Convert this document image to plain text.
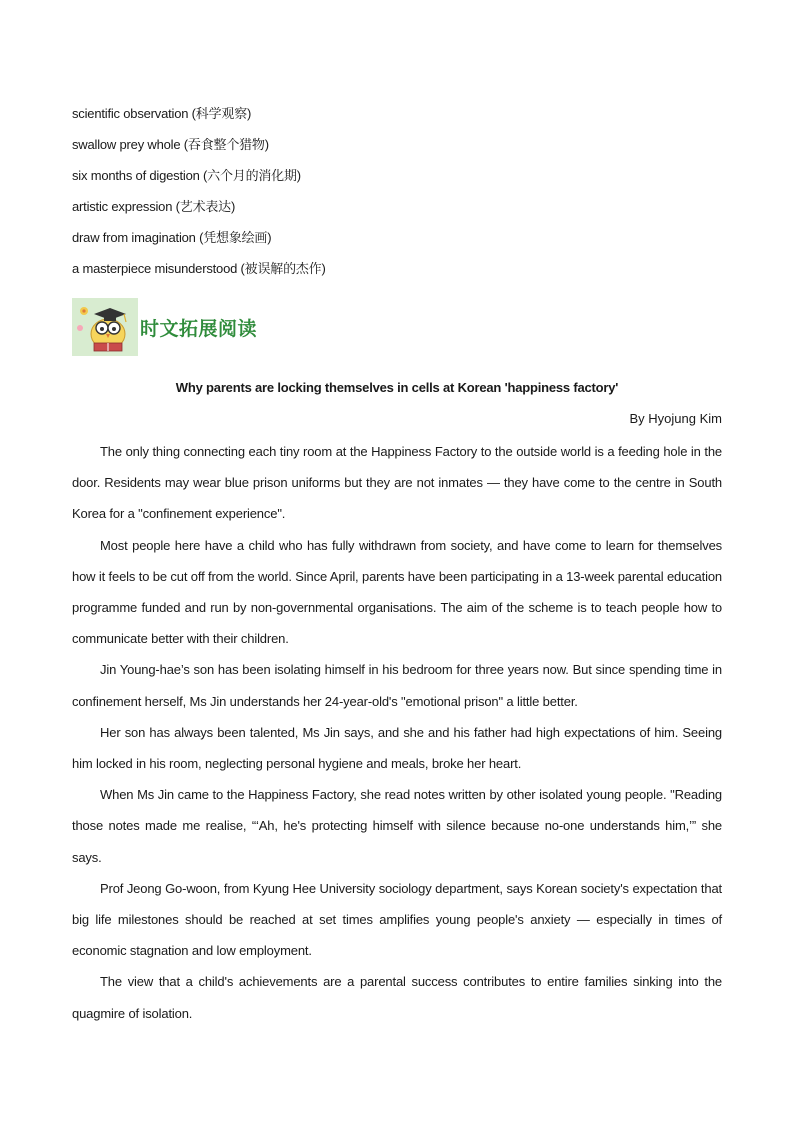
scientific observation (科学观察)
swallow prey whole (吞食整个猎物)
six months of digestion (六个月的消化期)
artistic expression (艺术表达)
draw from imagination (凭想象绘画)
a masterpiece misunderstood (被误解的杰作)
时文拓展阅读
Why parents are locking themselves in cells at Korean 'happiness factory'
By Hyojung Kim

The only thing connecting each tiny room at the Happiness Factory to the outside world is a feeding hole in the door. Residents may wear blue prison uniforms but they are not inmates — they have come to the centre in South Korea for a "confinement experience".

Most people here have a child who has fully withdrawn from society, and have come to learn for themselves how it feels to be cut off from the world. Since April, parents have been participating in a 13-week parental education programme funded and run by non-governmental organisations. The aim of the scheme is to teach people how to communicate better with their children.

Jin Young-hae’s son has been isolating himself in his bedroom for three years now. But since spending time in confinement herself, Ms Jin understands her 24-year-old's "emotional prison" a little better.

Her son has always been talented, Ms Jin says, and she and his father had high expectations of him. Seeing him locked in his room, neglecting personal hygiene and meals, broke her heart.

When Ms Jin came to the Happiness Factory, she read notes written by other isolated young people. "Reading those notes made me realise, “‘Ah, he's protecting himself with silence because no-one understands him,’” she says.

Prof Jeong Go-woon, from Kyung Hee University sociology department, says Korean society's expectation that big life milestones should be reached at set times amplifies young people's anxiety — especially in times of economic stagnation and low employment.

The view that a child's achievements are a parental success contributes to entire families sinking into the quagmire of isolation.
